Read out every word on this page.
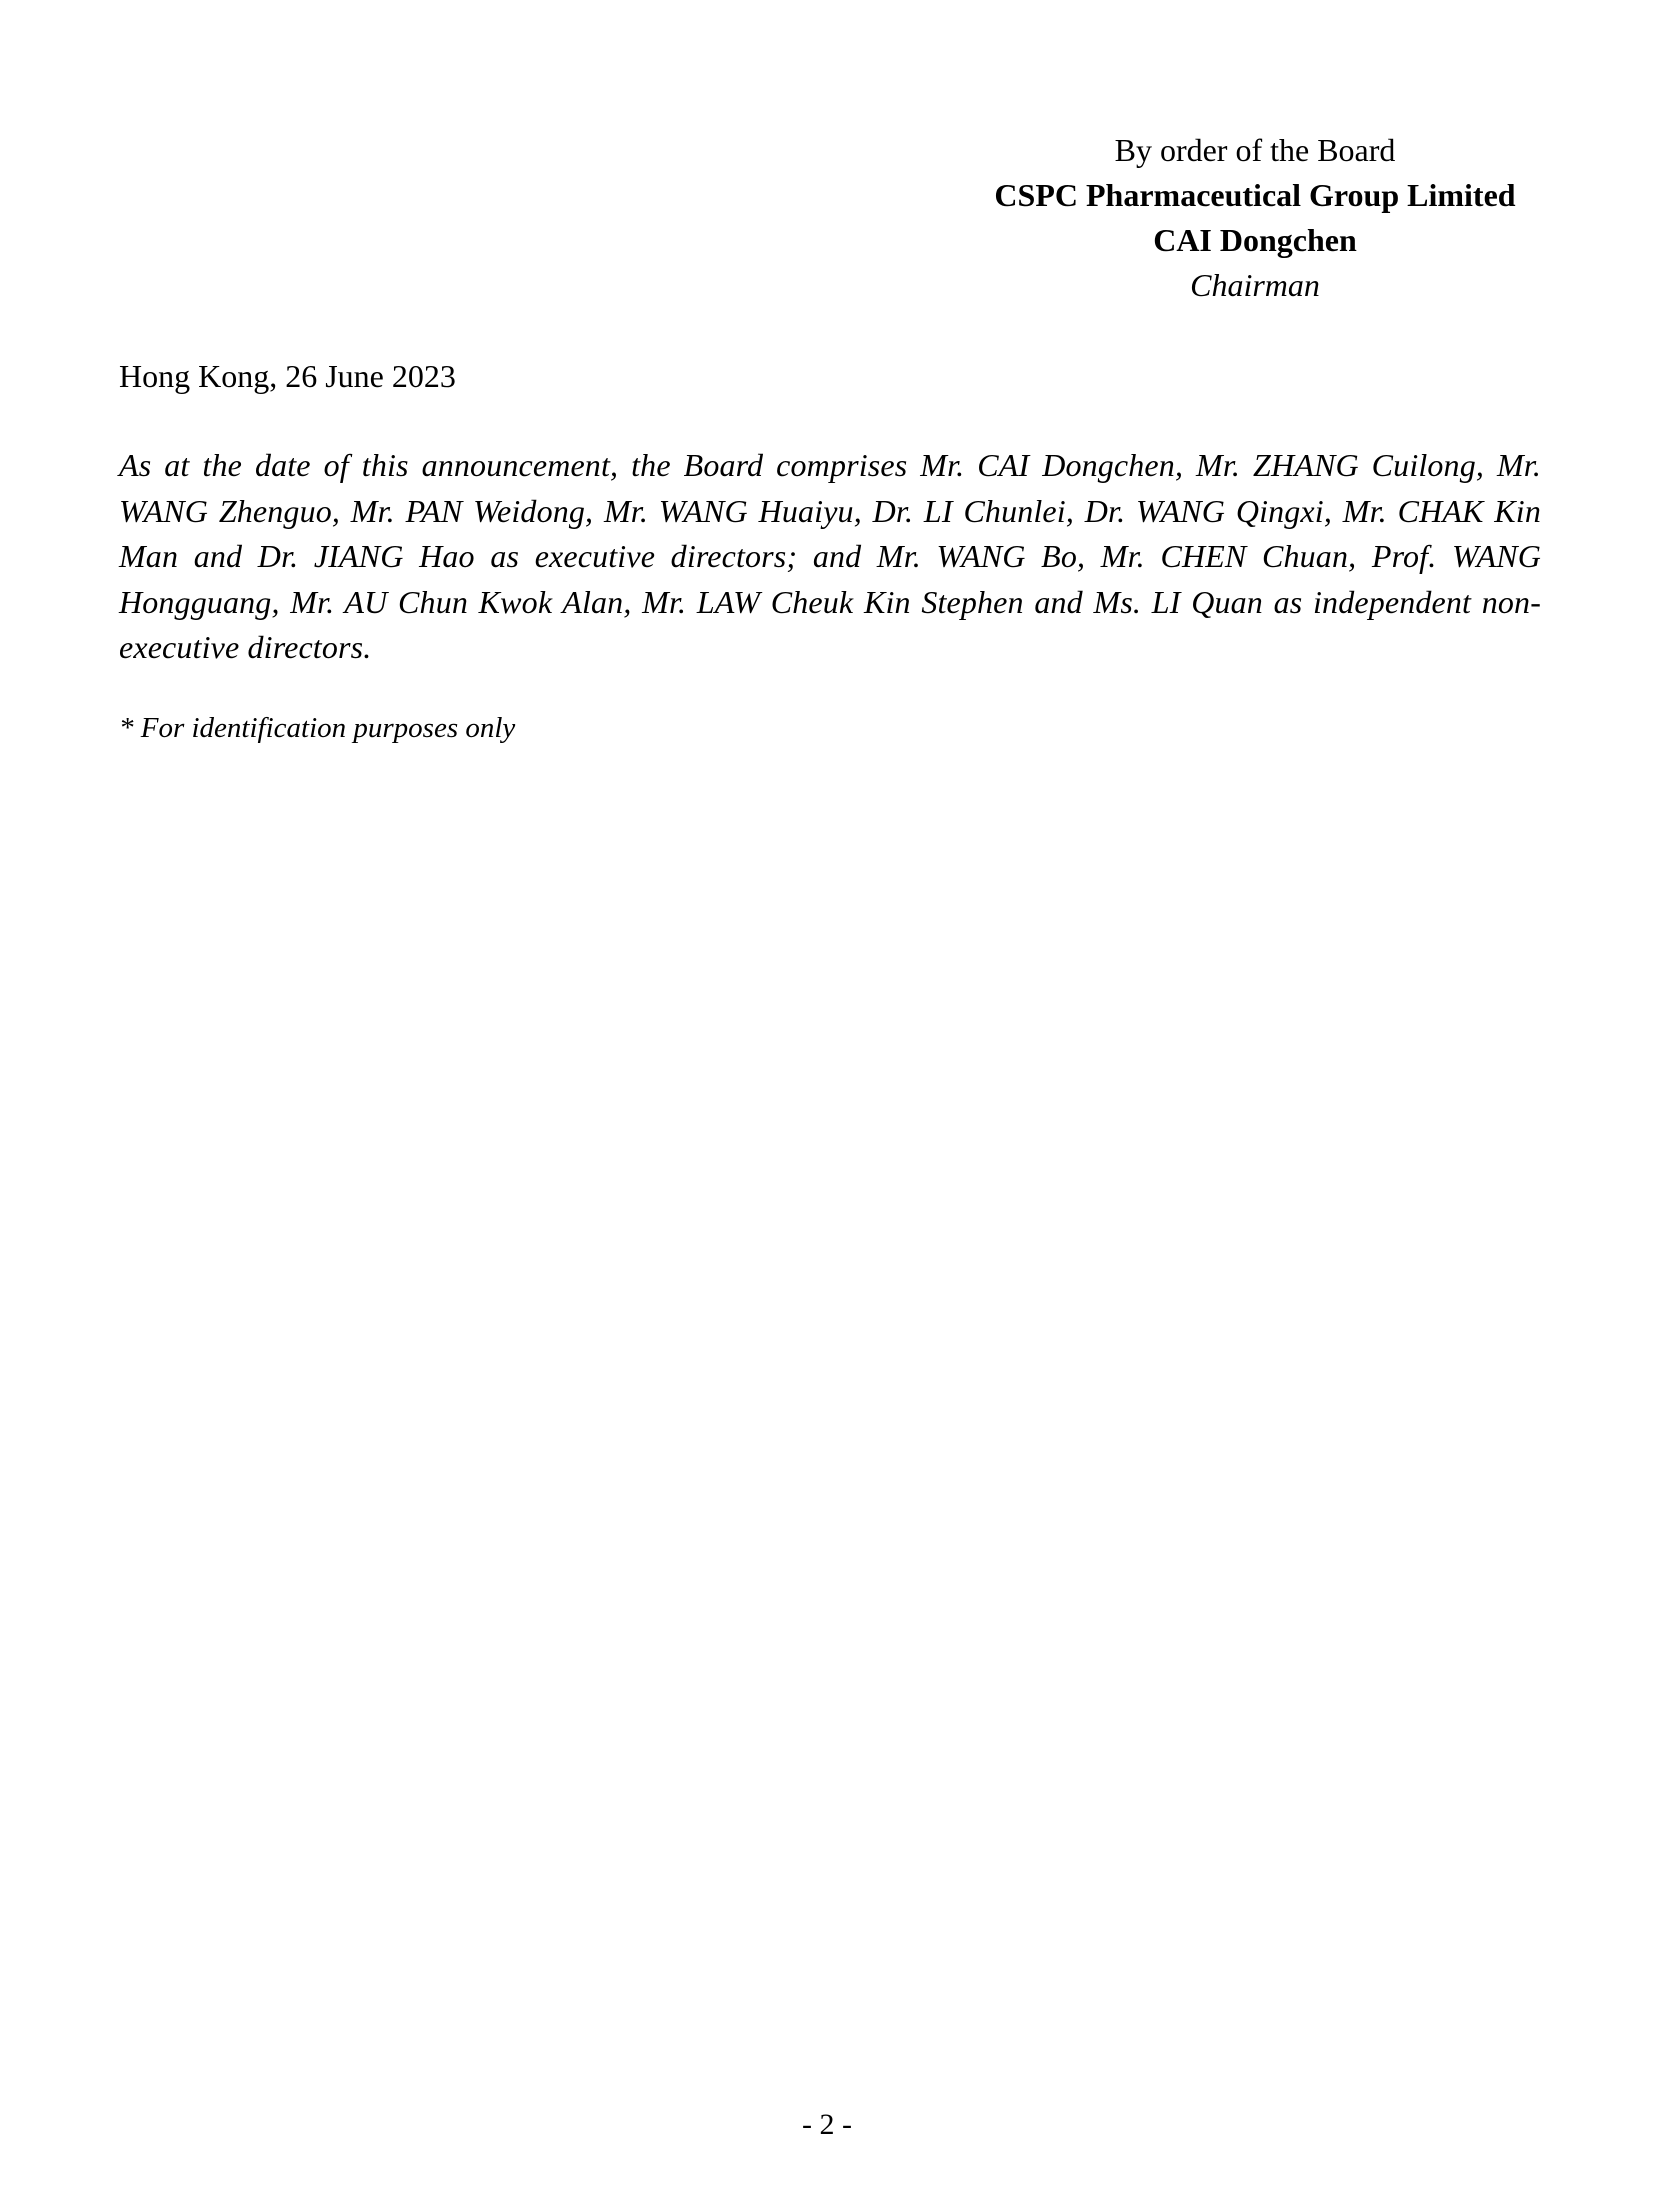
By order of the Board
CSPC Pharmaceutical Group Limited
CAI Dongchen
Chairman
Hong Kong, 26 June 2023

As at the date of this announcement, the Board comprises Mr. CAI Dongchen, Mr. ZHANG Cuilong, Mr. WANG Zhenguo, Mr. PAN Weidong, Mr. WANG Huaiyu, Dr. LI Chunlei, Dr. WANG Qingxi, Mr. CHAK Kin Man and Dr. JIANG Hao as executive directors; and Mr. WANG Bo, Mr. CHEN Chuan, Prof. WANG Hongguang, Mr. AU Chun Kwok Alan, Mr. LAW Cheuk Kin Stephen and Ms. LI Quan as independent non-executive directors.

* For identification purposes only
- 2 -
